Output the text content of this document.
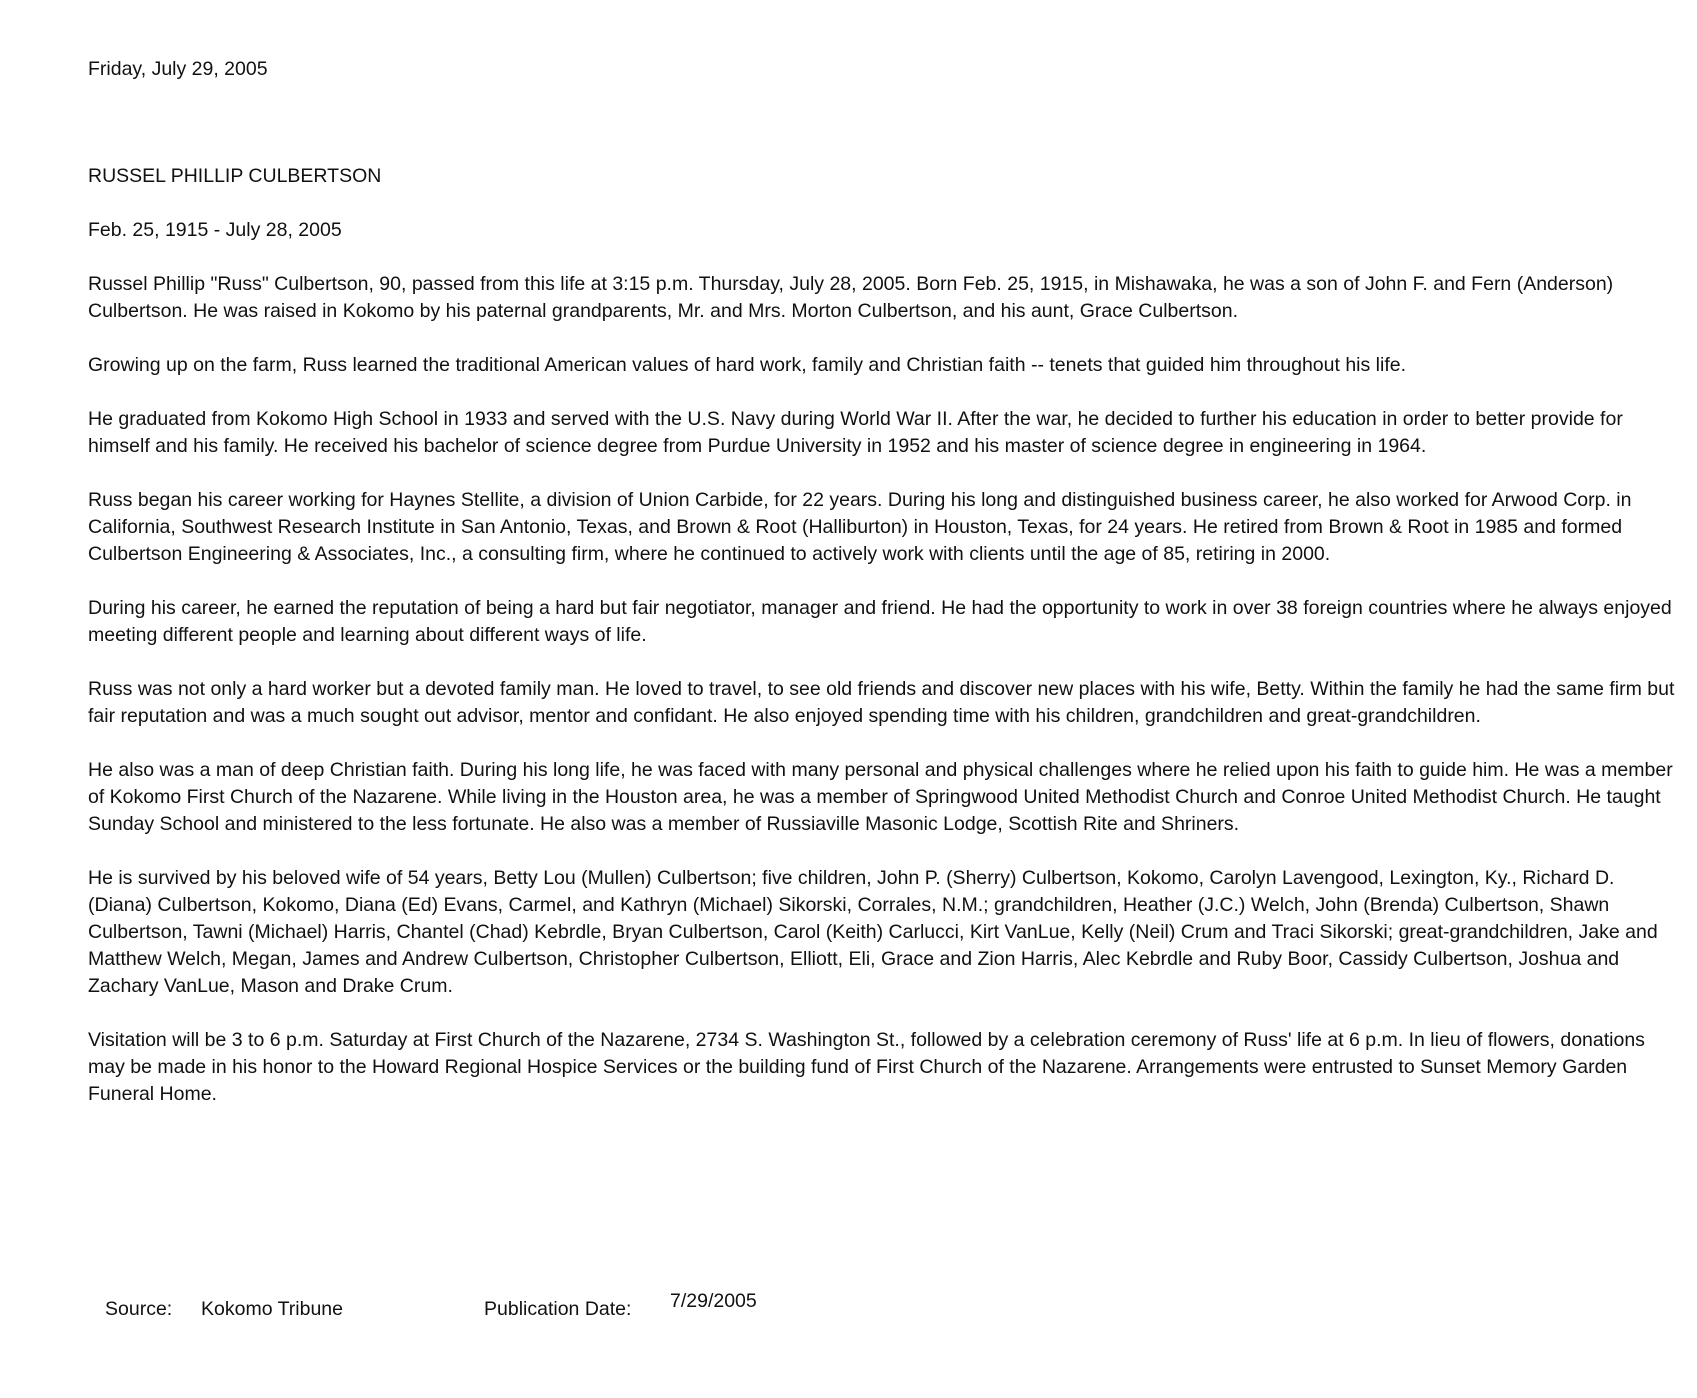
Friday, July 29, 2005

RUSSEL PHILLIP CULBERTSON

Feb. 25, 1915 - July 28, 2005

Russel Phillip "Russ" Culbertson, 90, passed from this life at 3:15 p.m. Thursday, July 28, 2005. Born Feb. 25, 1915, in Mishawaka, he was a son of John F. and Fern (Anderson) Culbertson. He was raised in Kokomo by his paternal grandparents, Mr. and Mrs. Morton Culbertson, and his aunt, Grace Culbertson.

Growing up on the farm, Russ learned the traditional American values of hard work, family and Christian faith -- tenets that guided him throughout his life.

He graduated from Kokomo High School in 1933 and served with the U.S. Navy during World War II. After the war, he decided to further his education in order to better provide for himself and his family. He received his bachelor of science degree from Purdue University in 1952 and his master of science degree in engineering in 1964.

Russ began his career working for Haynes Stellite, a division of Union Carbide, for 22 years. During his long and distinguished business career, he also worked for Arwood Corp. in California, Southwest Research Institute in San Antonio, Texas, and Brown & Root (Halliburton) in Houston, Texas, for 24 years. He retired from Brown & Root in 1985 and formed Culbertson Engineering & Associates, Inc., a consulting firm, where he continued to actively work with clients until the age of 85, retiring in 2000.

During his career, he earned the reputation of being a hard but fair negotiator, manager and friend. He had the opportunity to work in over 38 foreign countries where he always enjoyed meeting different people and learning about different ways of life.

Russ was not only a hard worker but a devoted family man. He loved to travel, to see old friends and discover new places with his wife, Betty. Within the family he had the same firm but fair reputation and was a much sought out advisor, mentor and confidant. He also enjoyed spending time with his children, grandchildren and great-grandchildren.

He also was a man of deep Christian faith. During his long life, he was faced with many personal and physical challenges where he relied upon his faith to guide him. He was a member of Kokomo First Church of the Nazarene. While living in the Houston area, he was a member of Springwood United Methodist Church and Conroe United Methodist Church. He taught Sunday School and ministered to the less fortunate. He also was a member of Russiaville Masonic Lodge, Scottish Rite and Shriners.

He is survived by his beloved wife of 54 years, Betty Lou (Mullen) Culbertson; five children, John P. (Sherry) Culbertson, Kokomo, Carolyn Lavengood, Lexington, Ky., Richard D. (Diana) Culbertson, Kokomo, Diana (Ed) Evans, Carmel, and Kathryn (Michael) Sikorski, Corrales, N.M.; grandchildren, Heather (J.C.) Welch, John (Brenda) Culbertson, Shawn Culbertson, Tawni (Michael) Harris, Chantel (Chad) Kebrdle, Bryan Culbertson, Carol (Keith) Carlucci, Kirt VanLue, Kelly (Neil) Crum and Traci Sikorski; great-grandchildren, Jake and Matthew Welch, Megan, James and Andrew Culbertson, Christopher Culbertson, Elliott, Eli, Grace and Zion Harris, Alec Kebrdle and Ruby Boor, Cassidy Culbertson, Joshua and Zachary VanLue, Mason and Drake Crum.

Visitation will be 3 to 6 p.m. Saturday at First Church of the Nazarene, 2734 S. Washington St., followed by a celebration ceremony of Russ' life at 6 p.m. In lieu of flowers, donations may be made in his honor to the Howard Regional Hospice Services or the building fund of First Church of the Nazarene. Arrangements were entrusted to Sunset Memory Garden Funeral Home.

Source: Kokomo Tribune	Publication Date: 7/29/2005
